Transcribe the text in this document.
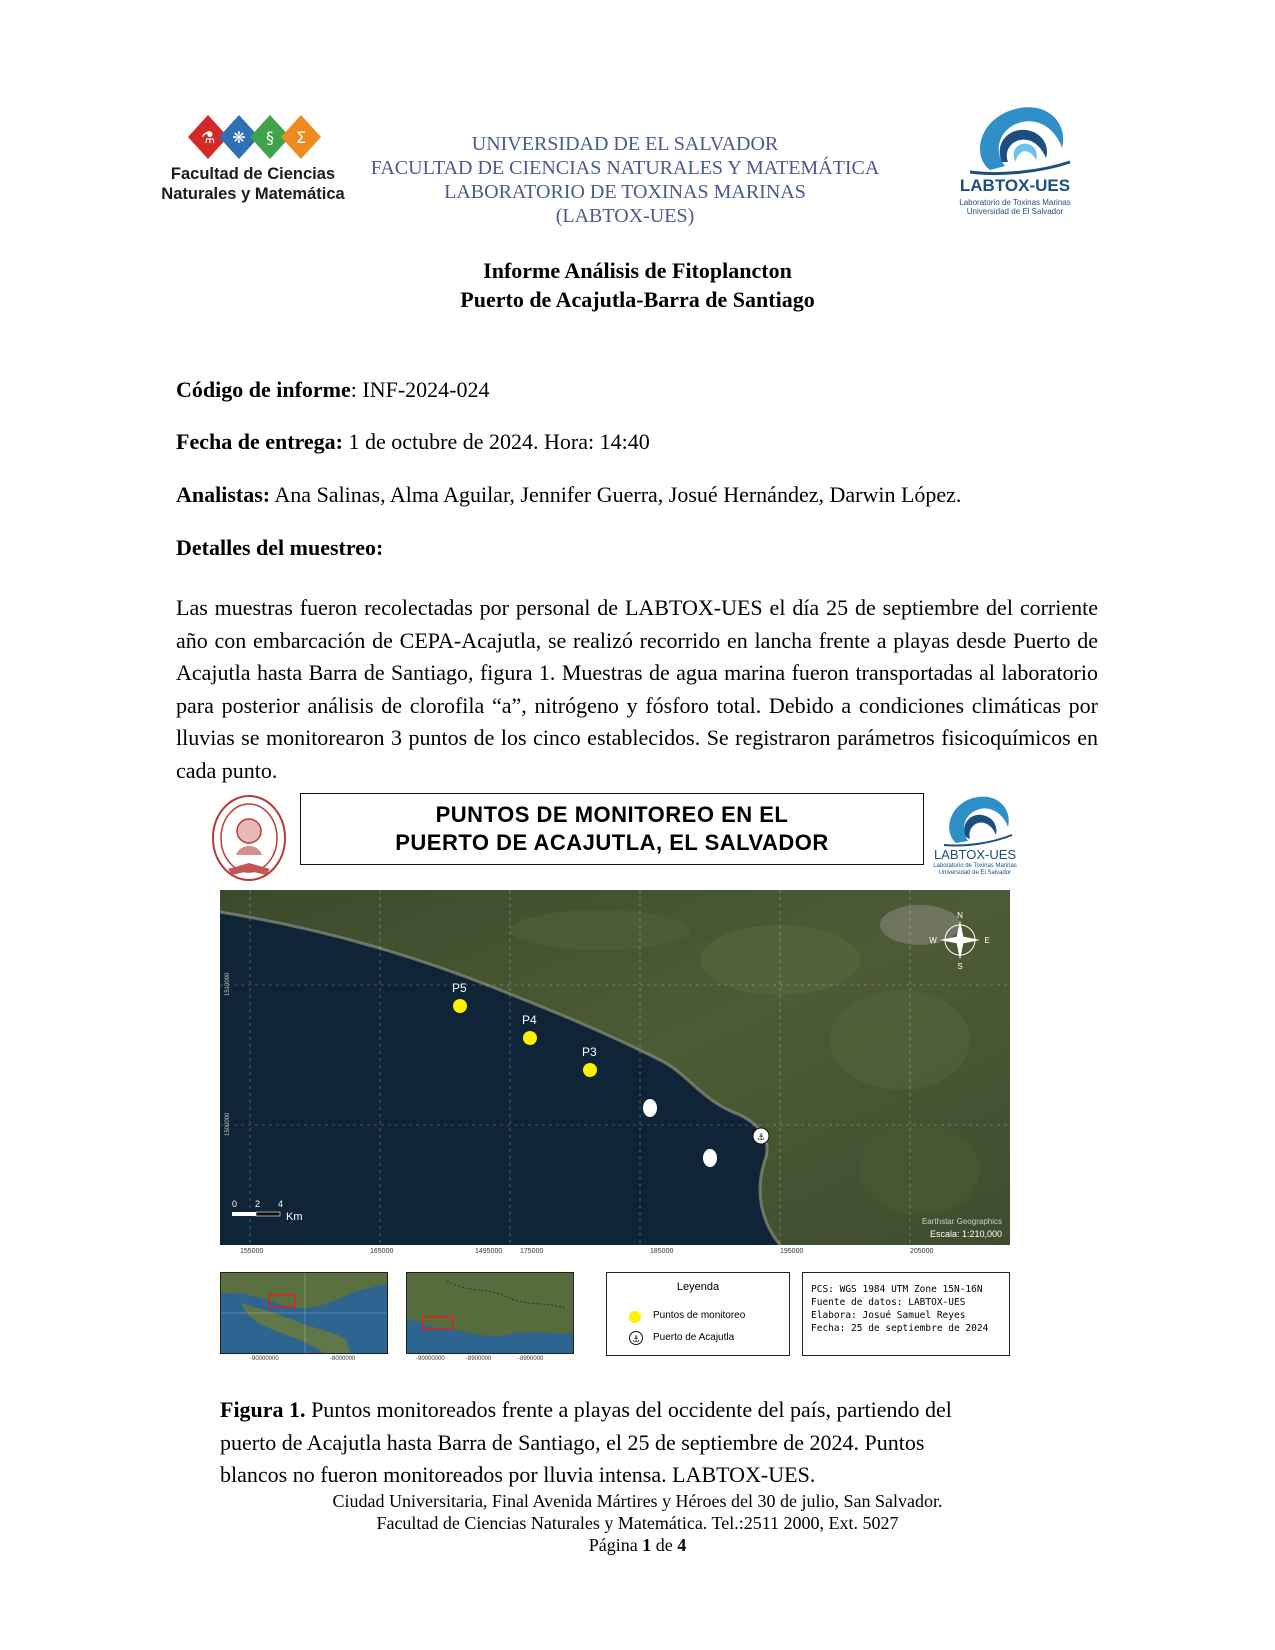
⚗ ❋ § Σ
Facultad de Ciencias
Naturales y Matemática
UNIVERSIDAD DE EL SALVADOR
FACULTAD DE CIENCIAS NATURALES Y MATEMÁTICA
LABORATORIO DE TOXINAS MARINAS
(LABTOX-UES)
LABTOX-UES
Laboratorio de Toxinas Marinas
Universidad de El Salvador
Informe Análisis de Fitoplancton
Puerto de Acajutla-Barra de Santiago
Código de informe: INF-2024-024
Fecha de entrega: 1 de octubre de 2024. Hora: 14:40
Analistas: Ana Salinas, Alma Aguilar, Jennifer Guerra, Josué Hernández, Darwin López.
Detalles del muestreo:
Las muestras fueron recolectadas por personal de LABTOX-UES el día 25 de septiembre del corriente año con embarcación de CEPA-Acajutla, se realizó recorrido en lancha frente a playas desde Puerto de Acajutla hasta Barra de Santiago, figura 1. Muestras de agua marina fueron transportadas al laboratorio para posterior análisis de clorofila “a”, nitrógeno y fósforo total. Debido a condiciones climáticas por lluvias se monitorearon 3 puntos de los cinco establecidos. Se registraron parámetros fisicoquímicos en cada punto.
PUNTOS DE MONITOREO EN EL
PUERTO DE ACAJUTLA, EL SALVADOR	LABTOX-UES
Laboratorio de Toxinas Marinas
Universidad de El Salvador
P5
P4
P3
⚓
N
W	E
S
0 2 4
Km	Earthstar Geographics
Escala: 1:210,000
1510000
1500000
155000	165000	1495000	175000	185000	195000	205000
-90000000	-8000000	-90000000	-8900000	-8900000
Leyenda
Puntos de monitoreo
⚓ Puerto de Acajutla
PCS: WGS 1984 UTM Zone 15N-16N
Fuente de datos: LABTOX-UES
Elabora: Josué Samuel Reyes
Fecha: 25 de septiembre de 2024
Figura 1. Puntos monitoreados frente a playas del occidente del país, partiendo del
puerto de Acajutla hasta Barra de Santiago, el 25 de septiembre de 2024. Puntos
blancos no fueron monitoreados por lluvia intensa. LABTOX-UES.
Ciudad Universitaria, Final Avenida Mártires y Héroes del 30 de julio, San Salvador.
Facultad de Ciencias Naturales y Matemática. Tel.:2511 2000, Ext. 5027
Página 1 de 4
